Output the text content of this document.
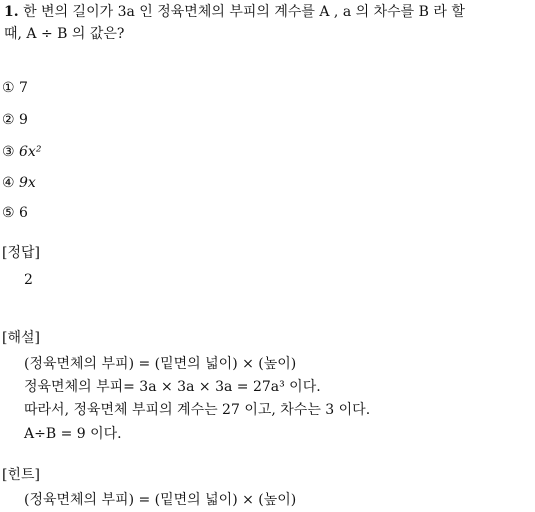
1. 한 변의 길이가 3a 인 정육면체의 부피의 계수를 A , a 의 차수를 B 라 할
때, A ÷ B 의 값은?
① 7
② 9
③ 6x²
④ 9x
⑤ 6
[정답]
2
[해설]
(정육면체의 부피) = (밑면의 넓이) × (높이)
정육면체의 부피= 3a × 3a × 3a = 27a³ 이다.
따라서, 정육면체 부피의 계수는 27 이고, 차수는 3 이다.
A÷B = 9 이다.
[힌트]
(정육면체의 부피) = (밑면의 넓이) × (높이)
